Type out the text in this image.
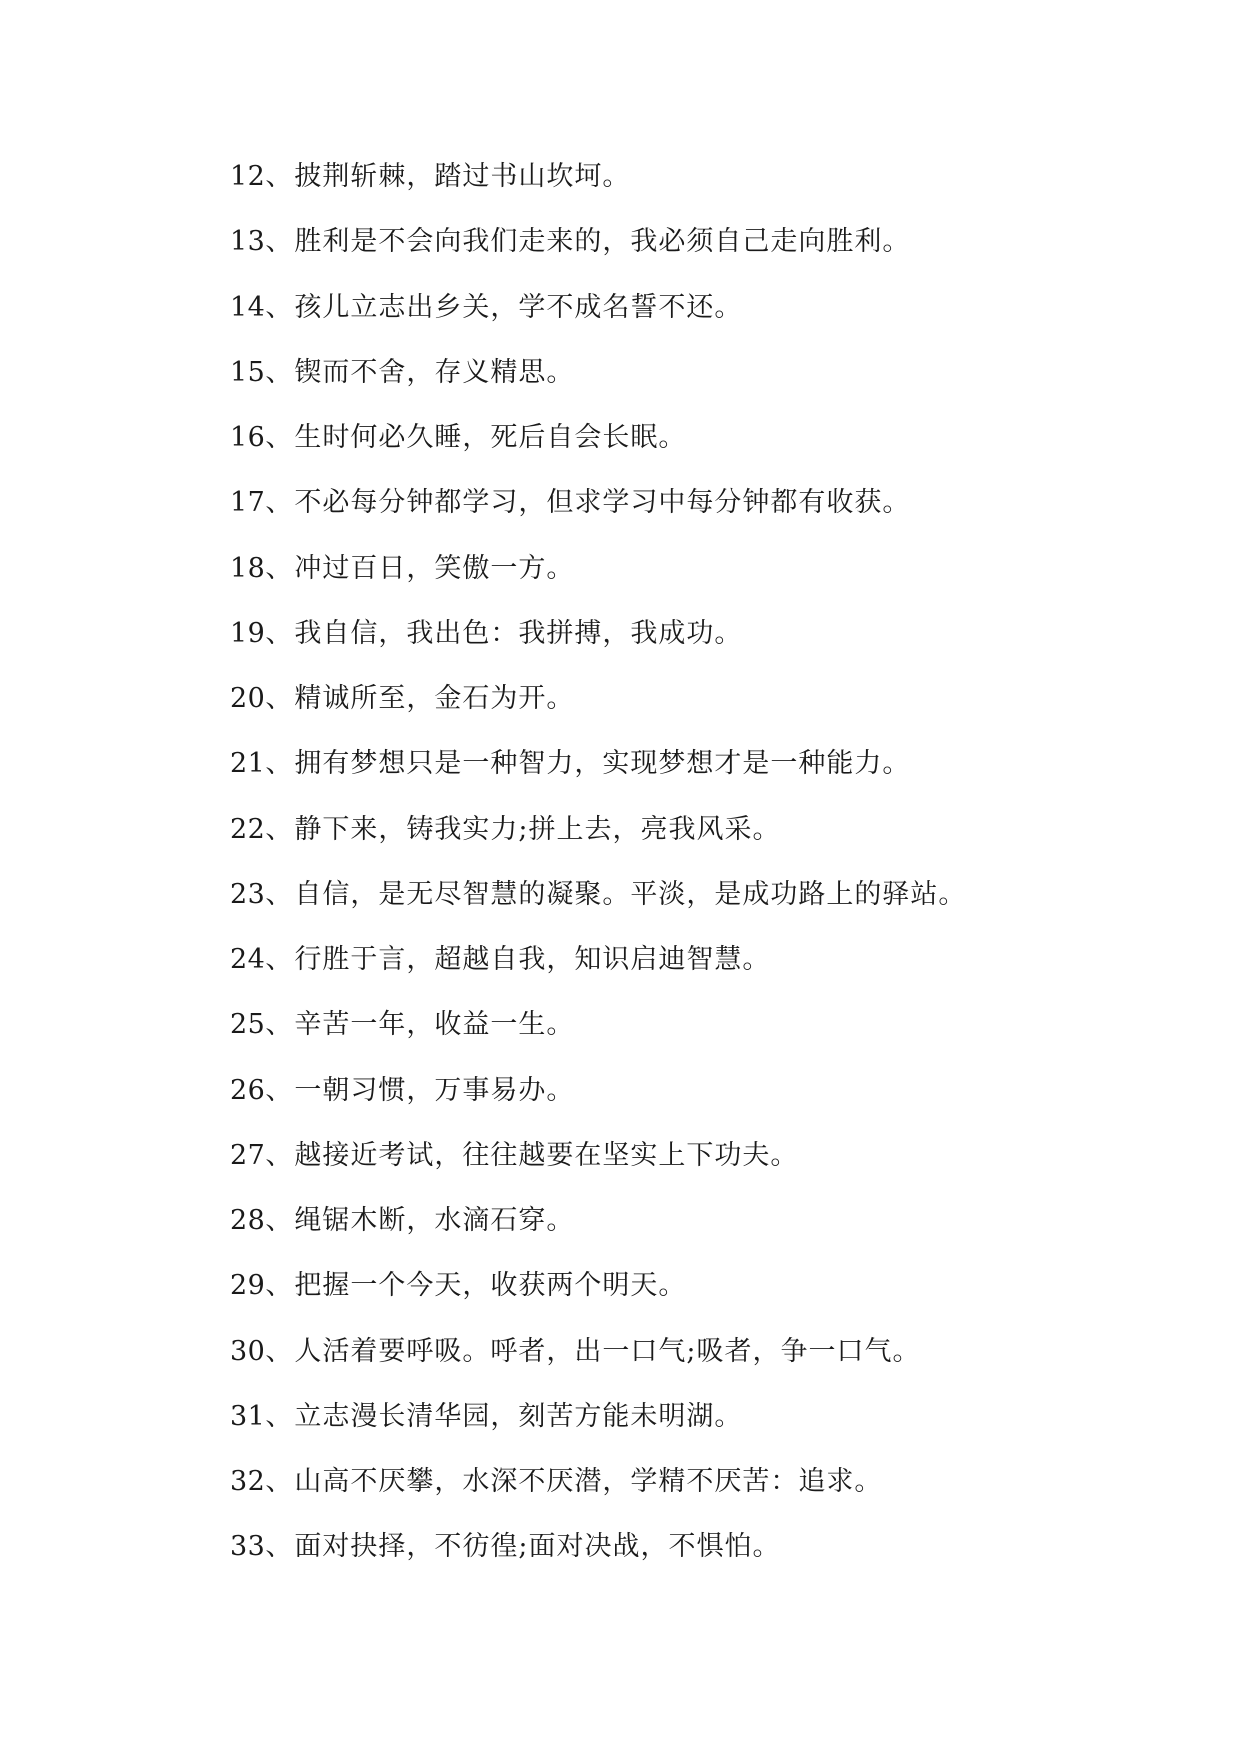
12 、 披荆斩棘，踏过书山坎坷。
13 、 胜利是不会向我们走来的，我必须自己走向胜利。
14 、 孩儿立志出乡关，学不成名誓不还。
15 、 锲而不舍，存义精思。
16 、 生时何必久睡，死后自会长眠。
17 、 不必每分钟都学习，但求学习中每分钟都有收获。
18 、 冲过百日，笑傲一方。
19 、 我自信，我出色：我拼搏，我成功。
20 、 精诚所至，金石为开。
21 、 拥有梦想只是一种智力，实现梦想才是一种能力。
22 、 静下来，铸我实力;拼上去，亮我风采。
23 、 自信，是无尽智慧的凝聚。平淡，是成功路上的驿站。
24 、 行胜于言，超越自我，知识启迪智慧。
25 、 辛苦一年，收益一生。
26 、 一朝习惯，万事易办。
27 、 越接近考试，往往越要在坚实上下功夫。
28 、 绳锯木断，水滴石穿。
29 、 把握一个今天，收获两个明天。
30 、 人活着要呼吸。呼者，出一口气;吸者，争一口气。
31 、 立志漫长清华园，刻苦方能未明湖。
32 、 山高不厌攀，水深不厌潜，学精不厌苦：追求。
33 、 面对抉择，不彷徨;面对决战，不惧怕。
